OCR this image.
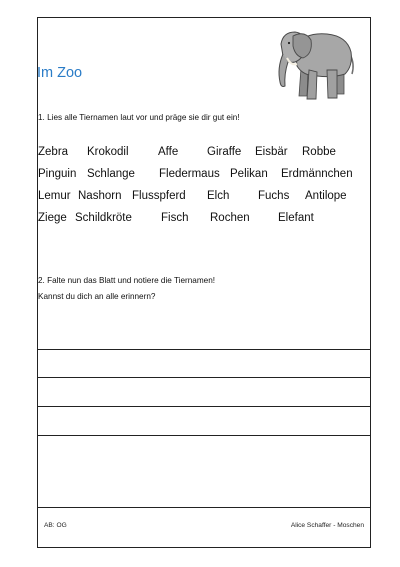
Im Zoo
1. Lies alle Tiernamen laut vor und präge sie dir gut ein!
Zebra Krokodil	Affe	Giraffe Eisbär Robbe
Pinguin Schlange Fledermaus Pelikan Erdmännchen
Lemur Nashorn Flusspferd Elch Fuchs Antilope
Ziege Schildkröte	Fisch Rochen Elefant
2. Falte nun das Blatt und notiere die Tiernamen!
Kannst du dich an alle erinnern?
AB: OG	Alice Schaffer - Moschen
